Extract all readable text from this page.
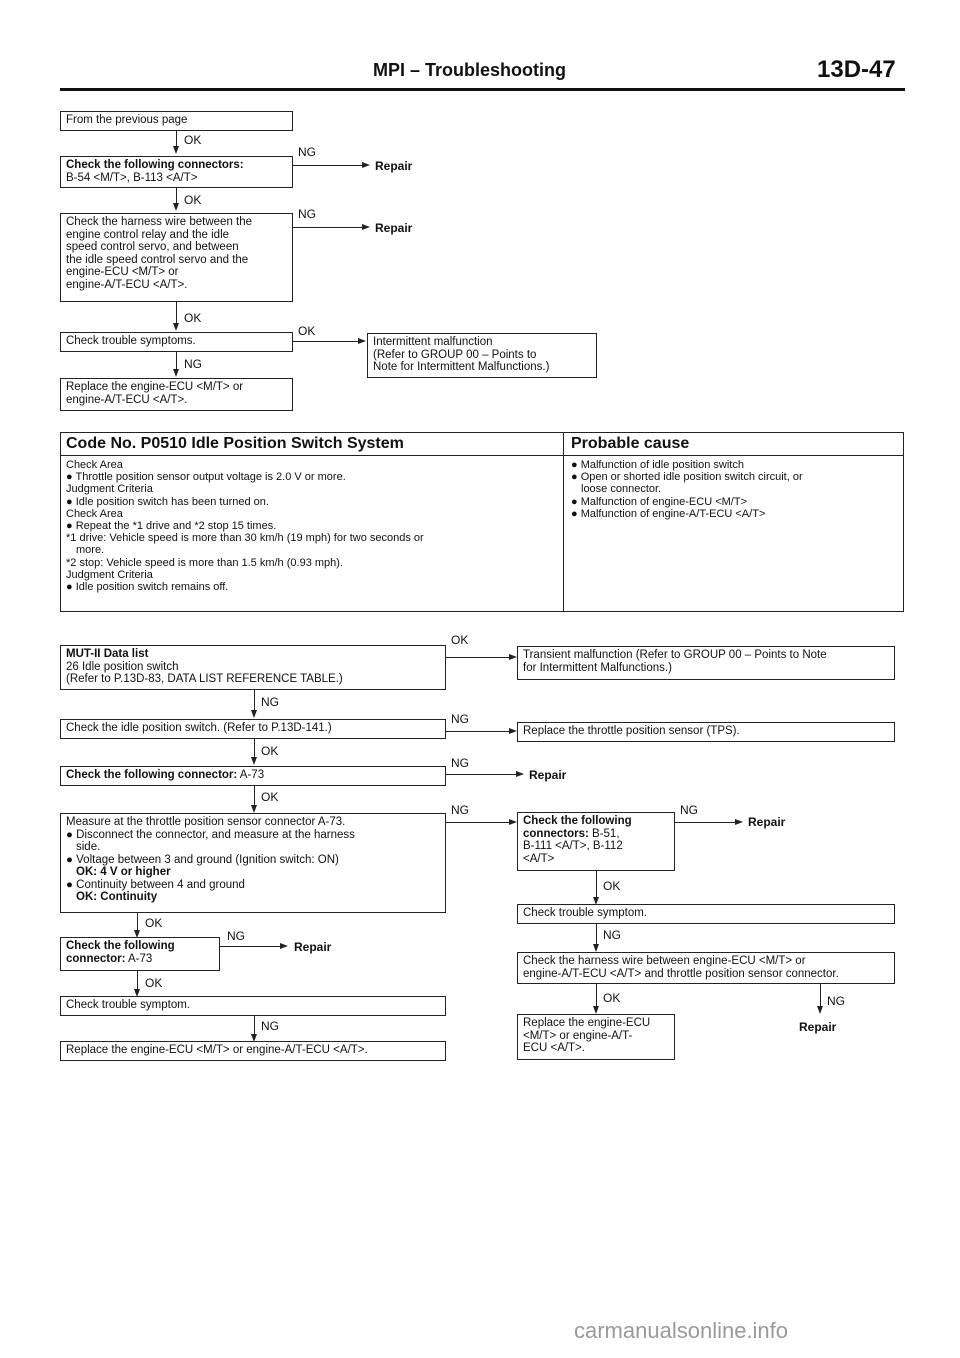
MPI – Troubleshooting	13D-47
From the previous page
OK
Check the following connectors:
B-54 <M/T>, B-113 <A/T>
NG
Repair
OK
Check the harness wire between the
engine control relay and the idle
speed control servo, and between
the idle speed control servo and the
engine-ECU <M/T> or
engine-A/T-ECU <A/T>.
NG
Repair
OK
Check trouble symptoms.
OK
Intermittent malfunction
(Refer to GROUP 00 – Points to
Note for Intermittent Malfunctions.)
NG
Replace the engine-ECU <M/T> or
engine-A/T-ECU <A/T>.
Code No. P0510 Idle Position Switch System	Probable cause
Check Area
● Throttle position sensor output voltage is 2.0 V or more.
Judgment Criteria
● Idle position switch has been turned on.
Check Area
● Repeat the *1 drive and *2 stop 15 times.
*1 drive: Vehicle speed is more than 30 km/h (19 mph) for two seconds or
more.
*2 stop: Vehicle speed is more than 1.5 km/h (0.93 mph).
Judgment Criteria
● Idle position switch remains off.
● Malfunction of idle position switch
● Open or shorted idle position switch circuit, or
loose connector.
● Malfunction of engine-ECU <M/T>
● Malfunction of engine-A/T-ECU <A/T>
MUT-II Data list
26 Idle position switch
(Refer to P.13D-83, DATA LIST REFERENCE TABLE.)
OK
Transient malfunction (Refer to GROUP 00 – Points to Note
for Intermittent Malfunctions.)
NG
Check the idle position switch. (Refer to P.13D-141.)
NG
Replace the throttle position sensor (TPS).
OK
Check the following connector: A-73
NG
Repair
OK
Measure at the throttle position sensor connector A-73.
● Disconnect the connector, and measure at the harness
side.
● Voltage between 3 and ground (Ignition switch: ON)
OK: 4 V or higher
● Continuity between 4 and ground
OK: Continuity
NG
Check the following
connectors: B-51,
B-111 <A/T>, B-112
<A/T>
NG
Repair
OK
Check trouble symptom.
NG
Check the harness wire between engine-ECU <M/T> or
engine-A/T-ECU <A/T> and throttle position sensor connector.
OK	NG
Repair
Replace the engine-ECU
<M/T> or engine-A/T-
ECU <A/T>.
OK
Check the following
connector: A-73
NG
Repair
OK
Check trouble symptom.
NG
Replace the engine-ECU <M/T> or engine-A/T-ECU <A/T>.
carmanualsonline.info
